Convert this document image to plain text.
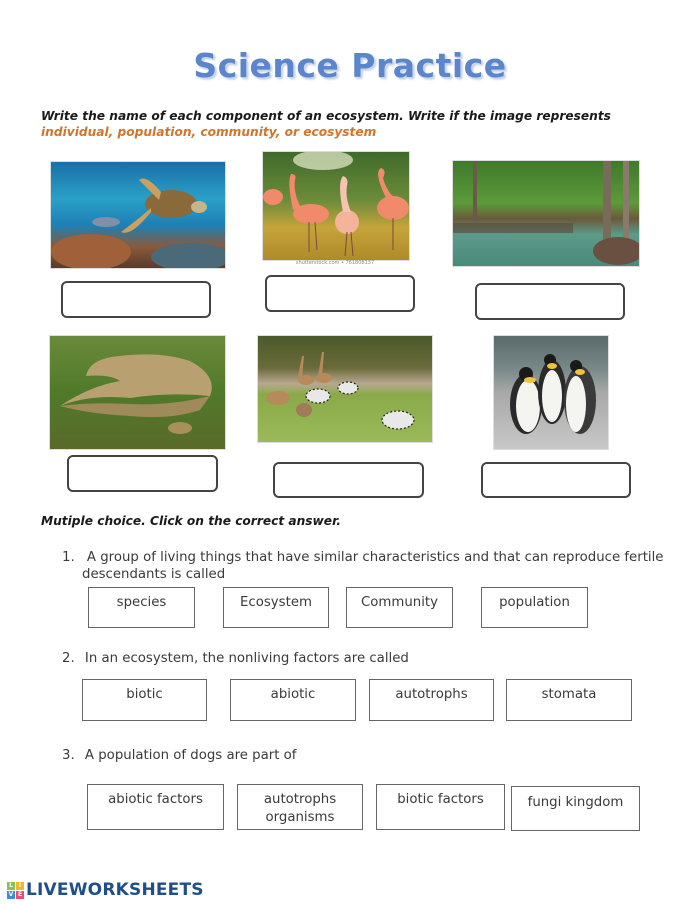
Science Practice
Write the name of each component of an ecosystem. Write if the image represents
individual, population, community, or ecosystem
shutterstock.com • 761808137
Mutiple choice. Click on the correct answer.
1. A group of living things that have similar characteristics and that can reproduce fertile
descendants is called
species	Ecosystem	Community	population
2. In an ecosystem, the nonliving factors are called
biotic	abiotic	autotrophs	stomata
3. A population of dogs are part of
abiotic factors	autotrophs organisms
biotic factors	fungi kingdom
L I
V E LIVEWORKSHEETS
